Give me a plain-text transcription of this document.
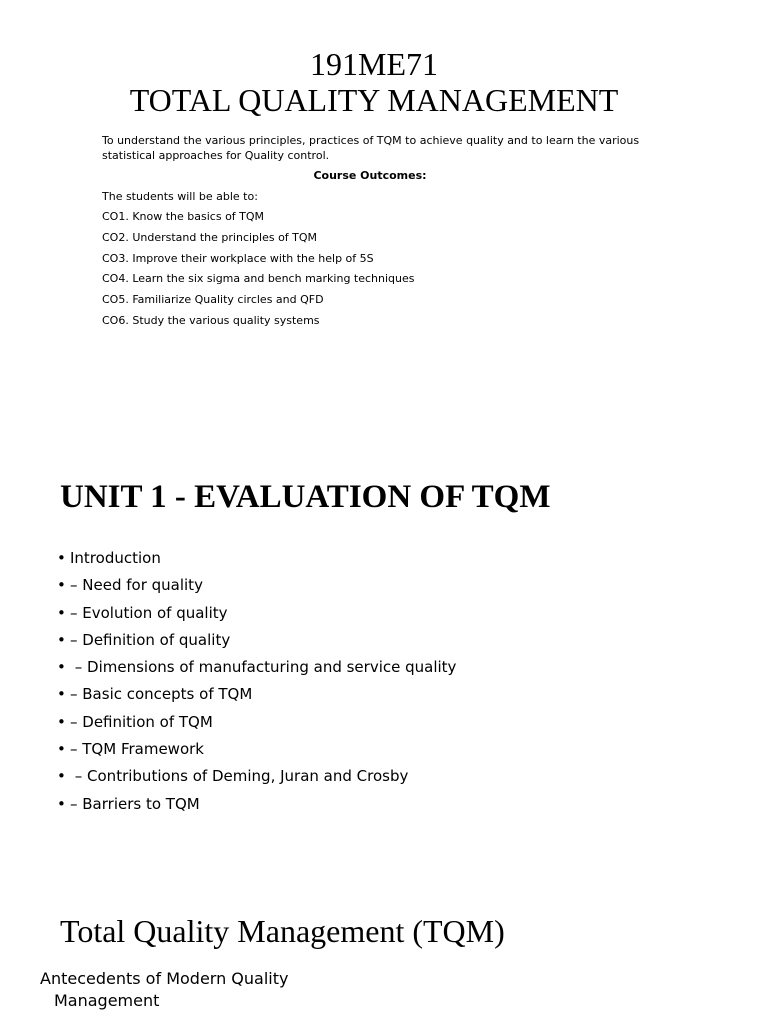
191ME71
TOTAL QUALITY MANAGEMENT
To understand the various principles, practices of TQM to achieve quality and to learn the various
statistical approaches for Quality control.
Course Outcomes:
The students will be able to:
CO1. Know the basics of TQM
CO2. Understand the principles of TQM
CO3. Improve their workplace with the help of 5S
CO4. Learn the six sigma and bench marking techniques
CO5. Familiarize Quality circles and QFD
CO6. Study the various quality systems
UNIT 1 - EVALUATION OF TQM
• Introduction
• – Need for quality
• – Evolution of quality
• – Definition of quality
• – Dimensions of manufacturing and service quality
• – Basic concepts of TQM
• – Definition of TQM
• – TQM Framework
• – Contributions of Deming, Juran and Crosby
• – Barriers to TQM
Total Quality Management (TQM)
Antecedents of Modern Quality
Management
